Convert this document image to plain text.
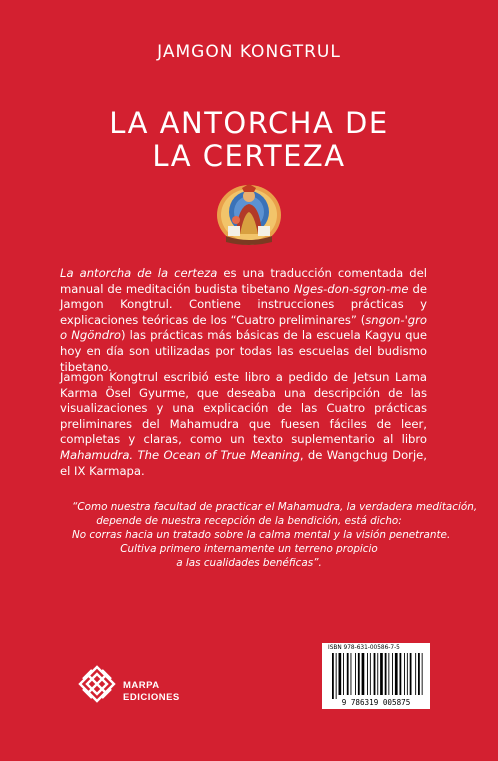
JAMGON KONGTRUL
LA ANTORCHA DE
LA CERTEZA
La antorcha de la certeza es una traducción comentada del manual de meditación budista tibetano Nges-don-sgron-me de Jamgon Kongtrul. Contiene instrucciones prácticas y explicaciones teóricas de los “Cuatro preliminares” (sngon-'gro o Ngöndro) las prácticas más básicas de la escuela Kagyu que hoy en día son utilizadas por todas las escuelas del budismo tibetano.
Jamgon Kongtrul escribió este libro a pedido de Jetsun Lama Karma Ösel Gyurme, que deseaba una descripción de las visualizaciones y una explicación de las Cuatro prácticas preliminares del Mahamudra que fuesen fáciles de leer, completas y claras, como un texto suplementario al libro Mahamudra. The Ocean of True Meaning, de Wangchug Dorje, el IX Karmapa.
“Como nuestra facultad de practicar el Mahamudra, la verdadera meditación,
depende de nuestra recepción de la bendición, está dicho:
No corras hacia un tratado sobre la calma mental y la visión penetrante.
Cultiva primero internamente un terreno propicio
a las cualidades benéficas”.
MARPA
EDICIONES
ISBN 978-631-00586-7-5
9 786319 005875
